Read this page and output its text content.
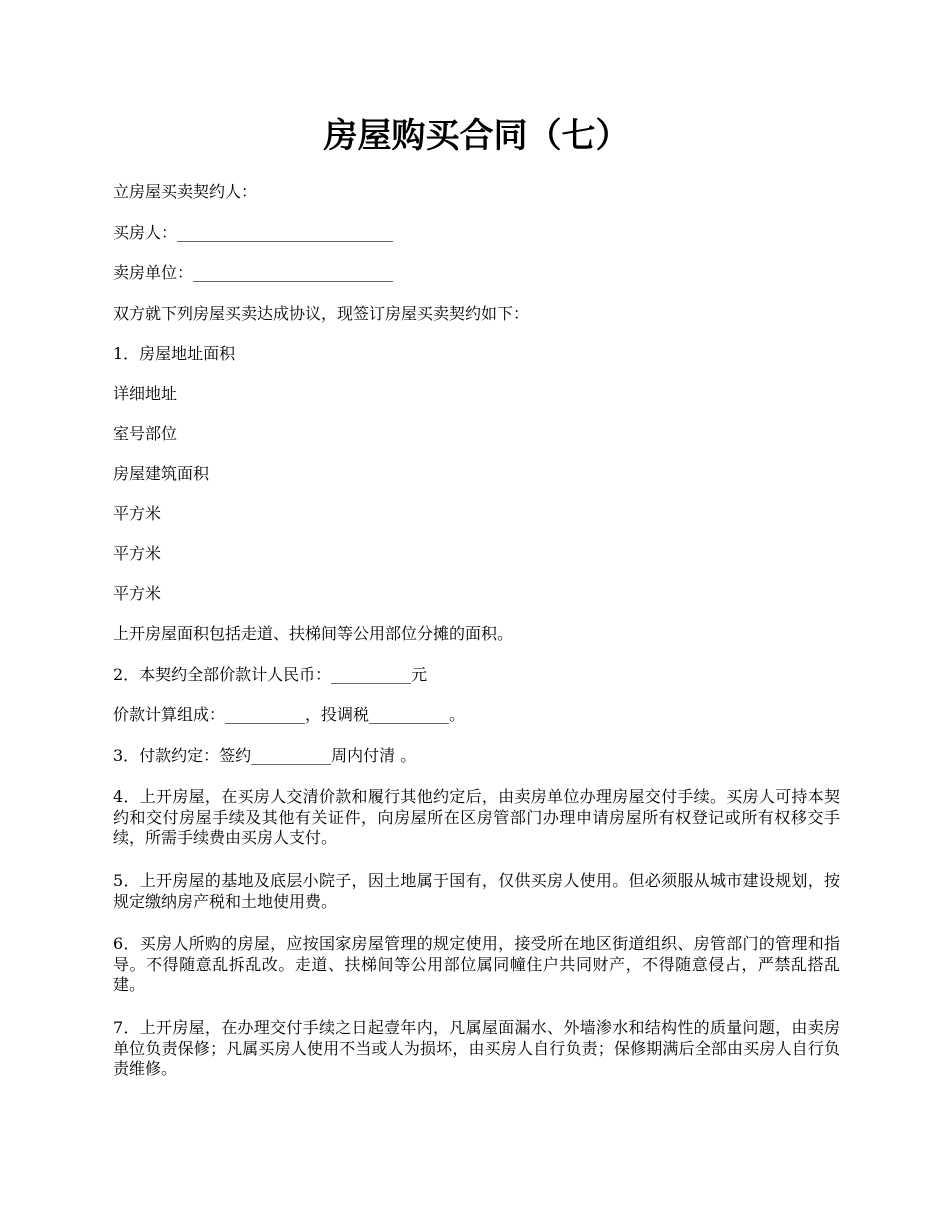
房屋购买合同（七）

立房屋买卖契约人：

买房人：___________________________

卖房单位：_________________________

双方就下列房屋买卖达成协议，现签订房屋买卖契约如下：

1．房屋地址面积

详细地址

室号部位

房屋建筑面积

平方米

平方米

平方米

上开房屋面积包括走道、扶梯间等公用部位分摊的面积。

2．本契约全部价款计人民币：__________元

价款计算组成：__________，投调税__________。

3．付款约定：签约__________周内付清 。

4．上开房屋，在买房人交清价款和履行其他约定后，由卖房单位办理房屋交付手续。买房人可持本契约和交付房屋手续及其他有关证件，向房屋所在区房管部门办理申请房屋所有权登记或所有权移交手续，所需手续费由买房人支付。

5．上开房屋的基地及底层小院子，因土地属于国有，仅供买房人使用。但必须服从城市建设规划，按规定缴纳房产税和土地使用费。

6．买房人所购的房屋，应按国家房屋管理的规定使用，接受所在地区街道组织、房管部门的管理和指导。不得随意乱拆乱改。走道、扶梯间等公用部位属同幢住户共同财产，不得随意侵占，严禁乱搭乱建。

7．上开房屋，在办理交付手续之日起壹年内，凡属屋面漏水、外墙渗水和结构性的质量问题，由卖房单位负责保修；凡属买房人使用不当或人为损坏，由买房人自行负责；保修期满后全部由买房人自行负责维修。
